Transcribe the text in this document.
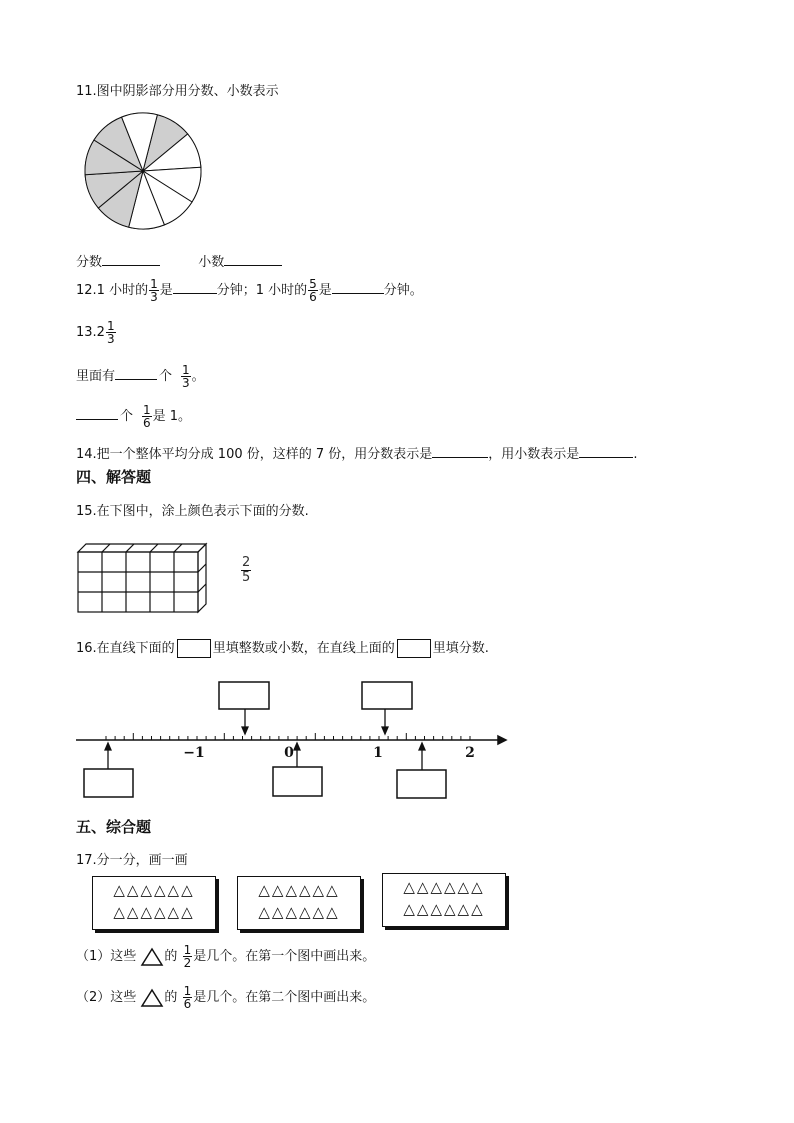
11.图中阴影部分用分数、小数表示
分数	小数
12.1 小时的 $\frac{1}{3}$ 是	分钟；1 小时的 $\frac{5}{6}$ 是	分钟。
$13.2 \frac{1}{3}$
里面有	个 $\frac{1}{3}$ 。
个 $\frac{1}{6}$ 是 1。
14.把一个整体平均分成 100 份，这样的 7 份，用分数表示是	，用小数表示是	.
四、解答题
15.在下图中，涂上颜色表示下面的分数.
$\frac{2}{5}$
16.在直线下面的	里填整数或小数，在直线上面的	里填分数.
−1	0	1	2
五、综合题
17.分一分，画一画
△△△△△△
△△△△△△
△△△△△△
△△△△△△
△△△△△△
△△△△△△
（1）这些 的 $\frac{1}{2}$ 是几个。在第一个图中画出来。
（2）这些 的 $\frac{1}{6}$ 是几个。在第二个图中画出来。
